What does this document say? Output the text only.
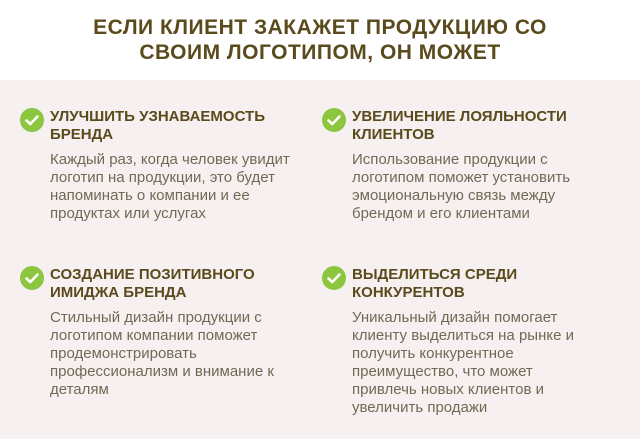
ЕСЛИ КЛИЕНТ ЗАКАЖЕТ ПРОДУКЦИЮ СО СВОИМ ЛОГОТИПОМ, ОН МОЖЕТ
УЛУЧШИТЬ УЗНАВАЕМОСТЬ БРЕНДА
Каждый раз, когда человек увидит логотип на продукции, это будет напоминать о компании и ее продуктах или услугах
УВЕЛИЧЕНИЕ ЛОЯЛЬНОСТИ КЛИЕНТОВ
Использование продукции с логотипом поможет установить эмоциональную связь между брендом и его клиентами
СОЗДАНИЕ ПОЗИТИВНОГО ИМИДЖА БРЕНДА
Стильный дизайн продукции с логотипом компании поможет продемонстрировать профессионализм и внимание к деталям
ВЫДЕЛИТЬСЯ СРЕДИ КОНКУРЕНТОВ
Уникальный дизайн помогает клиенту выделиться на рынке и получить конкурентное преимущество, что может привлечь новых клиентов и увеличить продажи
